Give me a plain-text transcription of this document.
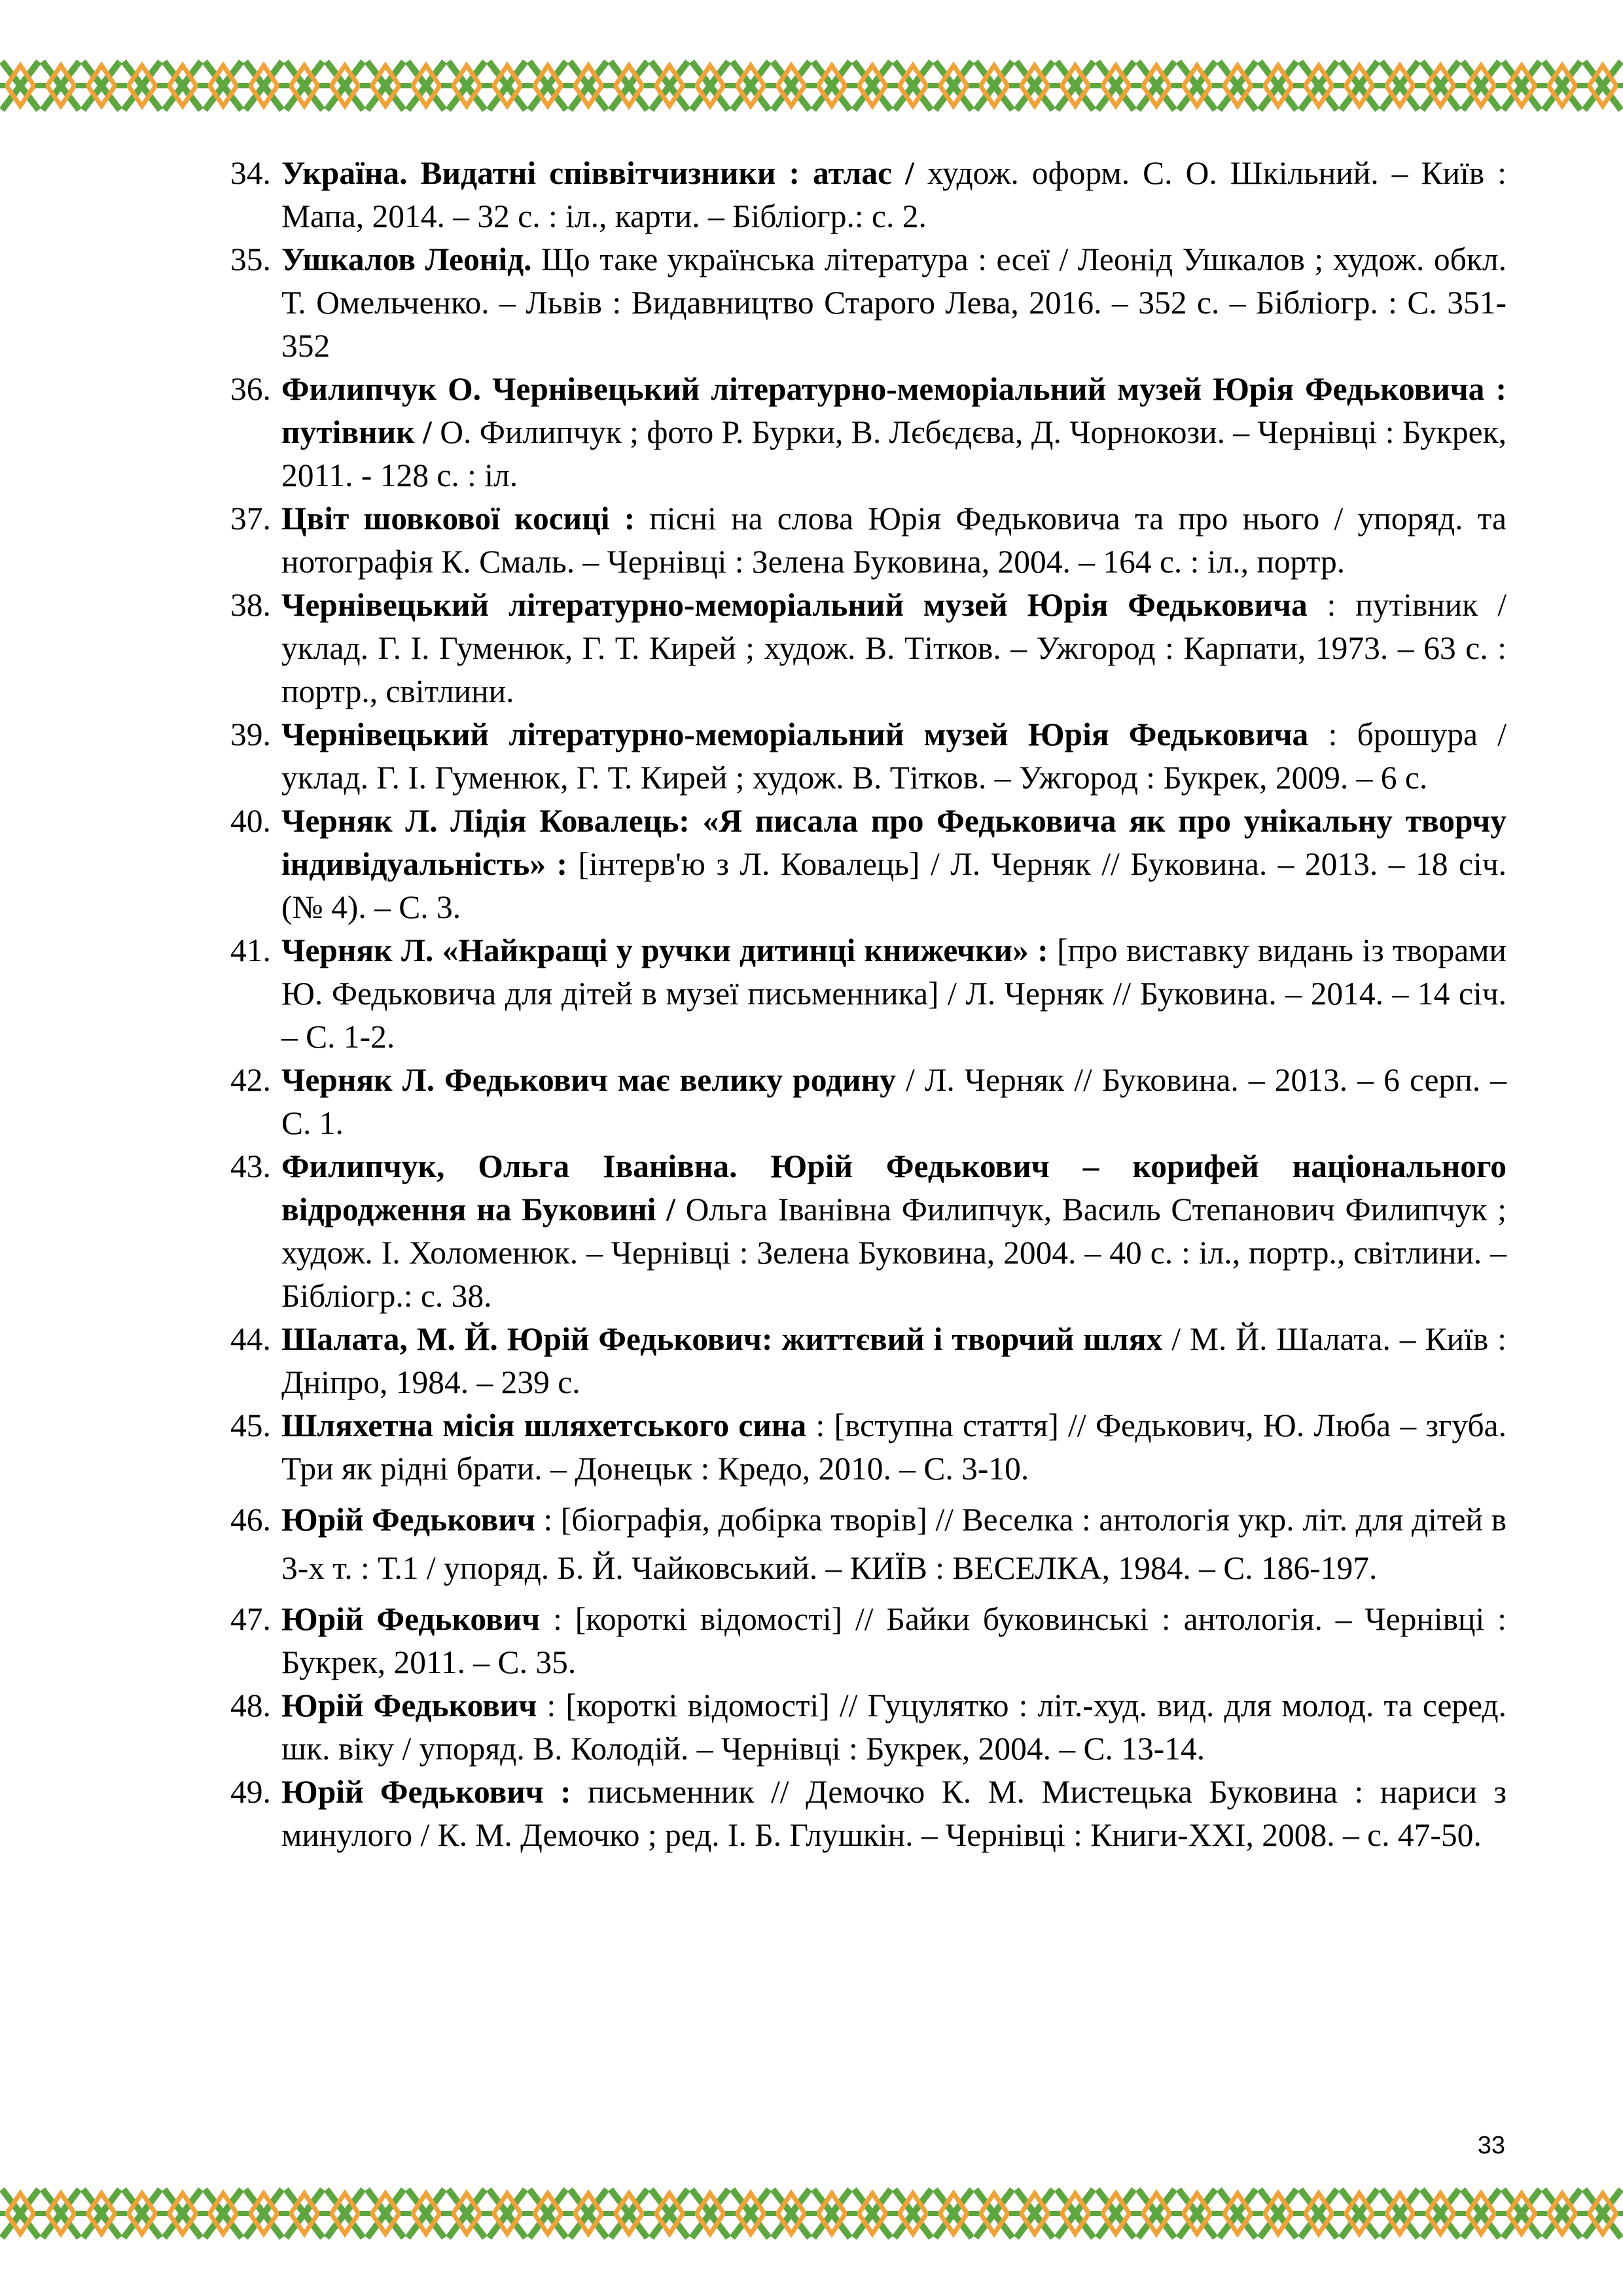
34. Україна. Видатні співвітчизники : атлас / худож. оформ. С. О. Шкільний. – Київ : Мапа, 2014. – 32 с. : іл., карти. – Бібліогр.: с. 2.
35. Ушкалов Леонід. Що таке українська література : есеї / Леонід Ушкалов ; худож. обкл. Т. Омельченко. – Львів : Видавництво Старого Лева, 2016. – 352 с. – Бібліогр. : С. 351-352
36. Филипчук О. Чернівецький літературно-меморіальний музей Юрія Федьковича : путівник / О. Филипчук ; фото Р. Бурки, В. Лєбєдєва, Д. Чорнокози. – Чернівці : Букрек, 2011. - 128 с. : іл.
37. Цвіт шовкової косиці : пісні на слова Юрія Федьковича та про нього / упоряд. та нотографія К. Смаль. – Чернівці : Зелена Буковина, 2004. – 164 с. : іл., портр.
38. Чернівецький літературно-меморіальний музей Юрія Федьковича : путівник / уклад. Г. І. Гуменюк, Г. Т. Кирей ; худож. В. Тітков. – Ужгород : Карпати, 1973. – 63 с. : портр., світлини.
39. Чернівецький літературно-меморіальний музей Юрія Федьковича : брошура / уклад. Г. І. Гуменюк, Г. Т. Кирей ; худож. В. Тітков. – Ужгород : Букрек, 2009. – 6 с.
40. Черняк Л. Лідія Ковалець: «Я писала про Федьковича як про унікальну творчу індивідуальність» : [інтерв'ю з Л. Ковалець] / Л. Черняк // Буковина. – 2013. – 18 січ. (№ 4). – С. 3.
41. Черняк Л. «Найкращі у ручки дитинці книжечки» : [про виставку видань із творами Ю. Федьковича для дітей в музеї письменника] / Л. Черняк // Буковина. – 2014. – 14 січ. – С. 1-2.
42. Черняк Л. Федькович має велику родину / Л. Черняк // Буковина. – 2013. – 6 серп. – С. 1.
43. Филипчук, Ольга Іванівна. Юрій Федькович – корифей національного відродження на Буковині / Ольга Іванівна Филипчук, Василь Степанович Филипчук ; худож. І. Холоменюк. – Чернівці : Зелена Буковина, 2004. – 40 с. : іл., портр., світлини. – Бібліогр.: с. 38.
44. Шалата, М. Й. Юрій Федькович: життєвий і творчий шлях / М. Й. Шалата. – Київ : Дніпро, 1984. – 239 с.
45. Шляхетна місія шляхетського сина : [вступна стаття] // Федькович, Ю. Люба – згуба. Три як рідні брати. – Донецьк : Кредо, 2010. – С. 3-10.
46. Юрій Федькович : [біографія, добірка творів] // Веселка : антологія укр. літ. для дітей в 3-х т. : Т.1 / упоряд. Б. Й. Чайковський. – КИЇВ : ВЕСЕЛКА, 1984. – С. 186-197.
47. Юрій Федькович : [короткі відомості] // Байки буковинські : антологія. – Чернівці : Букрек, 2011. – С. 35.
48. Юрій Федькович : [короткі відомості] // Гуцулятко : літ.-худ. вид. для молод. та серед. шк. віку / упоряд. В. Колодій. – Чернівці : Букрек, 2004. – С. 13-14.
49. Юрій Федькович : письменник // Демочко К. М. Мистецька Буковина : нариси з минулого / К. М. Демочко ; ред. І. Б. Глушкін. – Чернівці : Книги-ХХІ, 2008. – с. 47-50.
33
